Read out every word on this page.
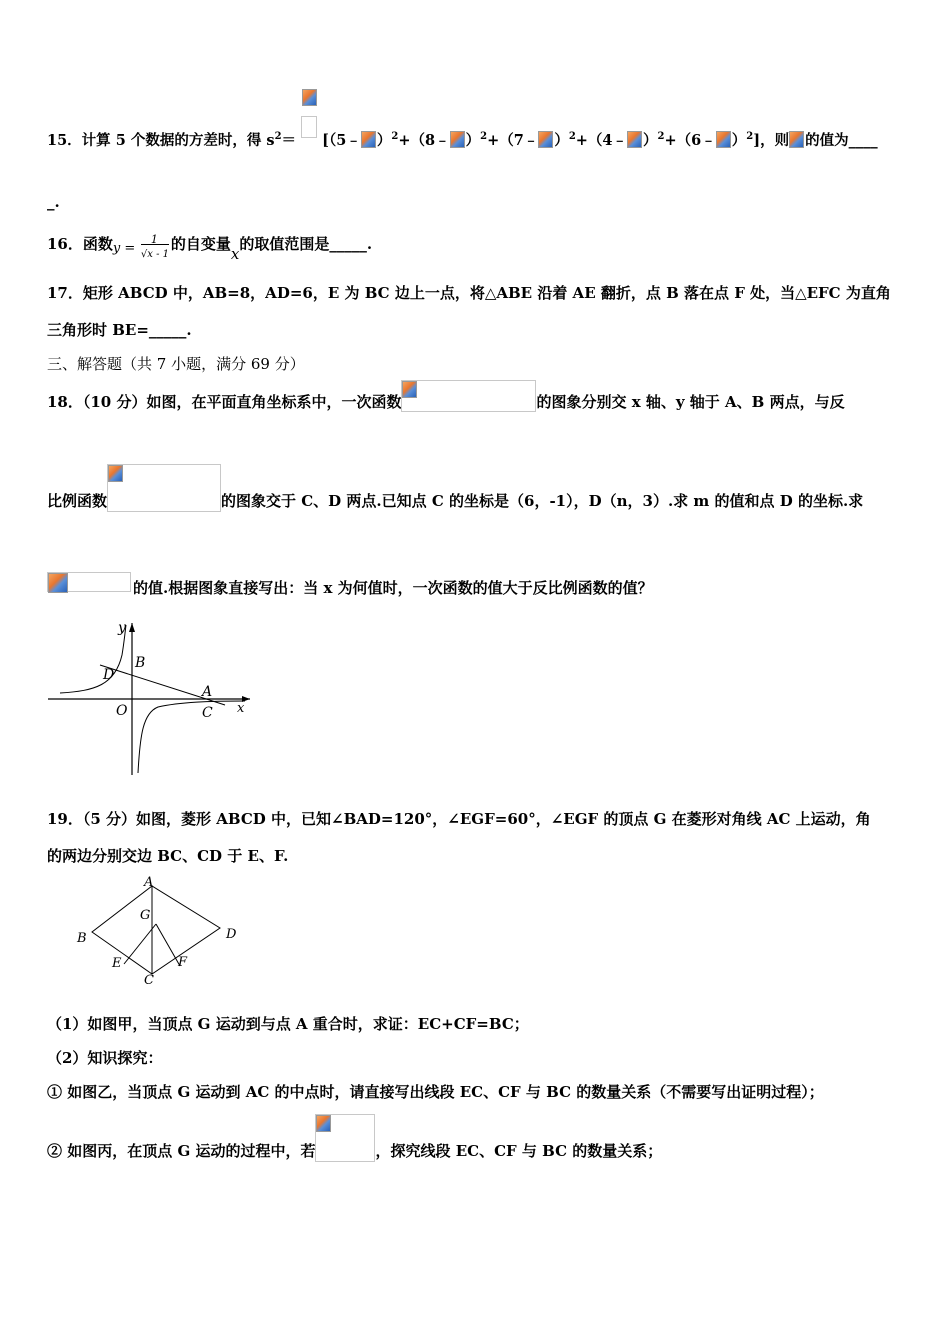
15．计算 5 个数据的方差时，得 $s^2=$ [（5﹣ ）$^2$+（8﹣ ）$^2$+（7﹣ ）$^2$+（4﹣ ）$^2$+（6﹣ ）$^2$]，则 的值为____
_.
16．函数 y =
1
√x - 1
的自变量x的取值范围是_____.
17．矩形 ABCD 中，AB=8，AD=6，E 为 BC 边上一点，将△ABE 沿着 AE 翻折，点 B 落在点 F 处，当△EFC 为直角
三角形时 BE=_____.
三、解答题（共 7 小题，满分 69 分）
18．（10 分）如图，在平面直角坐标系中，一次函数	的图象分别交 x 轴、y 轴于 A、B 两点，与反
比例函数	的图象交于 C、D 两点.已知点 C 的坐标是（6，-1），D（n，3）.求 m 的值和点 D 的坐标.求
的值.根据图象直接写出：当 x 为何值时，一次函数的值大于反比例函数的值？
y
B
D
A
O	C x
19．（5 分）如图，菱形 ABCD 中，已知∠BAD=120°，∠EGF=60°，∠EGF 的顶点 G 在菱形对角线 AC 上运动，角
的两边分别交边 BC、CD 于 E、F.
A
G
B	D
E
C
F
（1）如图甲，当顶点 G 运动到与点 A 重合时，求证：EC+CF=BC；
（2）知识探究：
① 如图乙，当顶点 G 运动到 AC 的中点时，请直接写出线段 EC、CF 与 BC 的数量关系（不需要写出证明过程）；
② 如图丙，在顶点 G 运动的过程中，若	，探究线段 EC、CF 与 BC 的数量关系；
